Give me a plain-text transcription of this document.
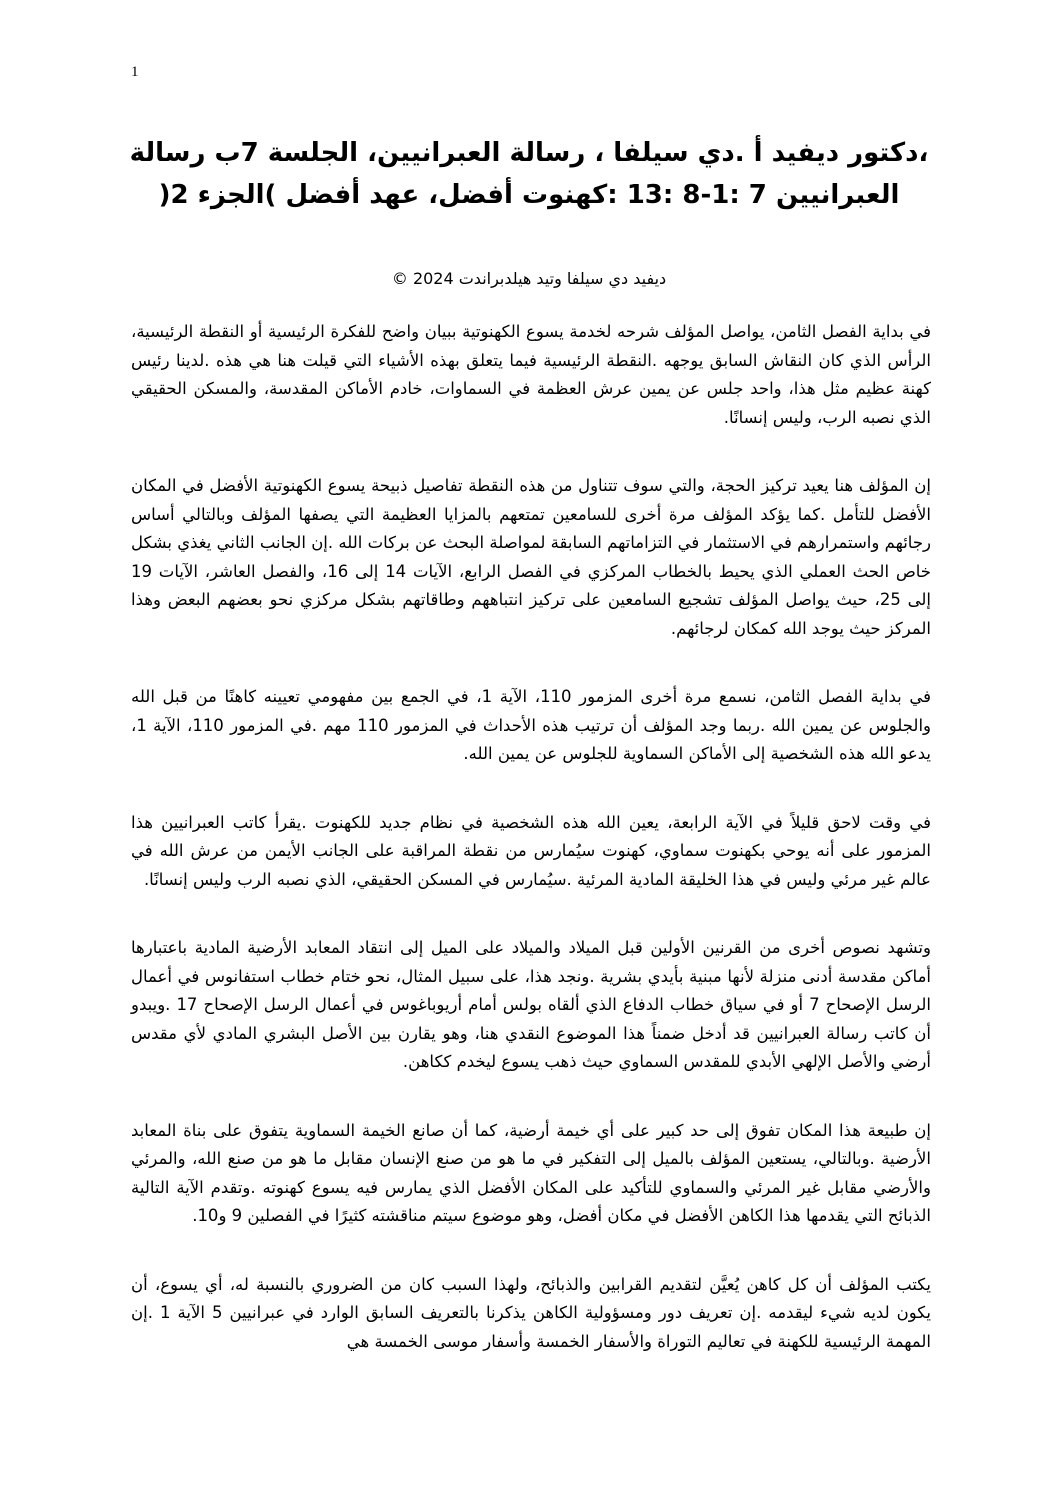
1
،دكتور ديفيد أ .دي سيلفا ، رسالة العبرانيين، الجلسة 7ب رسالة العبرانيين 7 :1-8 :13 :كهنوت أفضل، عهد أفضل )الجزء 2(
ديفيد دي سيلفا وتيد هيلدبراندت 2024 ©

في بداية الفصل الثامن، يواصل المؤلف شرحه لخدمة يسوع الكهنوتية ببيان واضح للفكرة الرئيسية أو النقطة الرئيسية، الرأس الذي كان النقاش السابق يوجهه .النقطة الرئيسية فيما يتعلق بهذه الأشياء التي قيلت هنا هي هذه .لدينا رئيس كهنة عظيم مثل هذا، واحد جلس عن يمين عرش العظمة في السماوات، خادم الأماكن المقدسة، والمسكن الحقيقي الذي نصبه الرب، وليس إنسانًا.

إن المؤلف هنا يعيد تركيز الحجة، والتي سوف تتناول من هذه النقطة تفاصيل ذبيحة يسوع الكهنوتية الأفضل في المكان الأفضل للتأمل .كما يؤكد المؤلف مرة أخرى للسامعين تمتعهم بالمزايا العظيمة التي يصفها المؤلف وبالتالي أساس رجائهم واستمرارهم في الاستثمار في التزاماتهم السابقة لمواصلة البحث عن بركات الله .إن الجانب الثاني يغذي بشكل خاص الحث العملي الذي يحيط بالخطاب المركزي في الفصل الرابع، الآيات 14 إلى 16، والفصل العاشر، الآيات 19 إلى 25، حيث يواصل المؤلف تشجيع السامعين على تركيز انتباههم وطاقاتهم بشكل مركزي نحو بعضهم البعض وهذا المركز حيث يوجد الله كمكان لرجائهم.

في بداية الفصل الثامن، نسمع مرة أخرى المزمور 110، الآية 1، في الجمع بين مفهومي تعيينه كاهنًا من قبل الله والجلوس عن يمين الله .ربما وجد المؤلف أن ترتيب هذه الأحداث في المزمور 110 مهم .في المزمور 110، الآية 1، يدعو الله هذه الشخصية إلى الأماكن السماوية للجلوس عن يمين الله.

في وقت لاحق قليلاً في الآية الرابعة، يعين الله هذه الشخصية في نظام جديد للكهنوت .يقرأ كاتب العبرانيين هذا المزمور على أنه يوحي بكهنوت سماوي، كهنوت سيُمارس من نقطة المراقبة على الجانب الأيمن من عرش الله في عالم غير مرئي وليس في هذا الخليقة المادية المرئية .سيُمارس في المسكن الحقيقي، الذي نصبه الرب وليس إنسانًا.

وتشهد نصوص أخرى من القرنين الأولين قبل الميلاد والميلاد على الميل إلى انتقاد المعابد الأرضية المادية باعتبارها أماكن مقدسة أدنى منزلة لأنها مبنية بأيدي بشرية .ونجد هذا، على سبيل المثال، نحو ختام خطاب استفانوس في أعمال الرسل الإصحاح 7 أو في سياق خطاب الدفاع الذي ألقاه بولس أمام أريوباغوس في أعمال الرسل الإصحاح 17 .ويبدو أن كاتب رسالة العبرانيين قد أدخل ضمناً هذا الموضوع النقدي هنا، وهو يقارن بين الأصل البشري المادي لأي مقدس أرضي والأصل الإلهي الأبدي للمقدس السماوي حيث ذهب يسوع ليخدم ككاهن.

إن طبيعة هذا المكان تفوق إلى حد كبير على أي خيمة أرضية، كما أن صانع الخيمة السماوية يتفوق على بناة المعابد الأرضية .وبالتالي، يستعين المؤلف بالميل إلى التفكير في ما هو من صنع الإنسان مقابل ما هو من صنع الله، والمرئي والأرضي مقابل غير المرئي والسماوي للتأكيد على المكان الأفضل الذي يمارس فيه يسوع كهنوته .وتقدم الآية التالية الذبائح التي يقدمها هذا الكاهن الأفضل في مكان أفضل، وهو موضوع سيتم مناقشته كثيرًا في الفصلين 9 و10.

يكتب المؤلف أن كل كاهن يُعيَّن لتقديم القرابين والذبائح، ولهذا السبب كان من الضروري بالنسبة له، أي يسوع، أن يكون لديه شيء ليقدمه .إن تعريف دور ومسؤولية الكاهن يذكرنا بالتعريف السابق الوارد في عبرانيين 5 الآية 1 .إن المهمة الرئيسية للكهنة في تعاليم التوراة والأسفار الخمسة وأسفار موسى الخمسة هي
